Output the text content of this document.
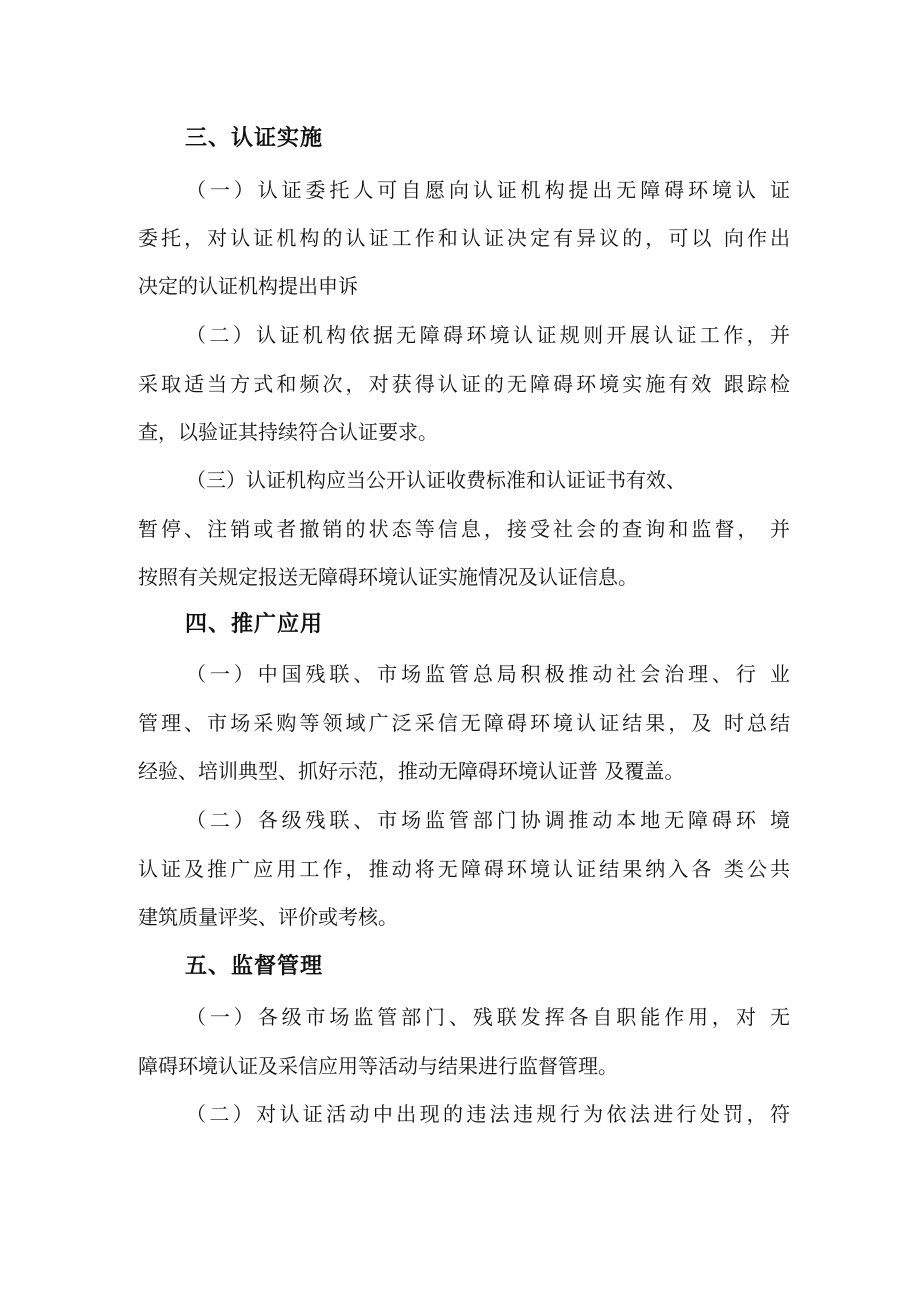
三、认证实施
（一）认证委托人可自愿向认证机构提出无障碍环境认 证
委托，对认证机构的认证工作和认证决定有异议的，可以 向作出
决定的认证机构提出申诉
（二）认证机构依据无障碍环境认证规则开展认证工作，并
采取适当方式和频次，对获得认证的无障碍环境实施有效 跟踪检
查，以验证其持续符合认证要求。
（三）认证机构应当公开认证收费标准和认证证书有效、
暂停、注销或者撤销的状态等信息，接受社会的查询和监督， 并
按照有关规定报送无障碍环境认证实施情况及认证信息。
四、推广应用
（一）中国残联、市场监管总局积极推动社会治理、行 业
管理、市场采购等领域广泛采信无障碍环境认证结果，及 时总结
经验、培训典型、抓好示范，推动无障碍环境认证普 及覆盖。
（二）各级残联、市场监管部门协调推动本地无障碍环 境
认证及推广应用工作，推动将无障碍环境认证结果纳入各 类公共
建筑质量评奖、评价或考核。
五、监督管理
（一）各级市场监管部门、残联发挥各自职能作用，对 无
障碍环境认证及采信应用等活动与结果进行监督管理。
（二）对认证活动中出现的违法违规行为依法进行处罚，符
